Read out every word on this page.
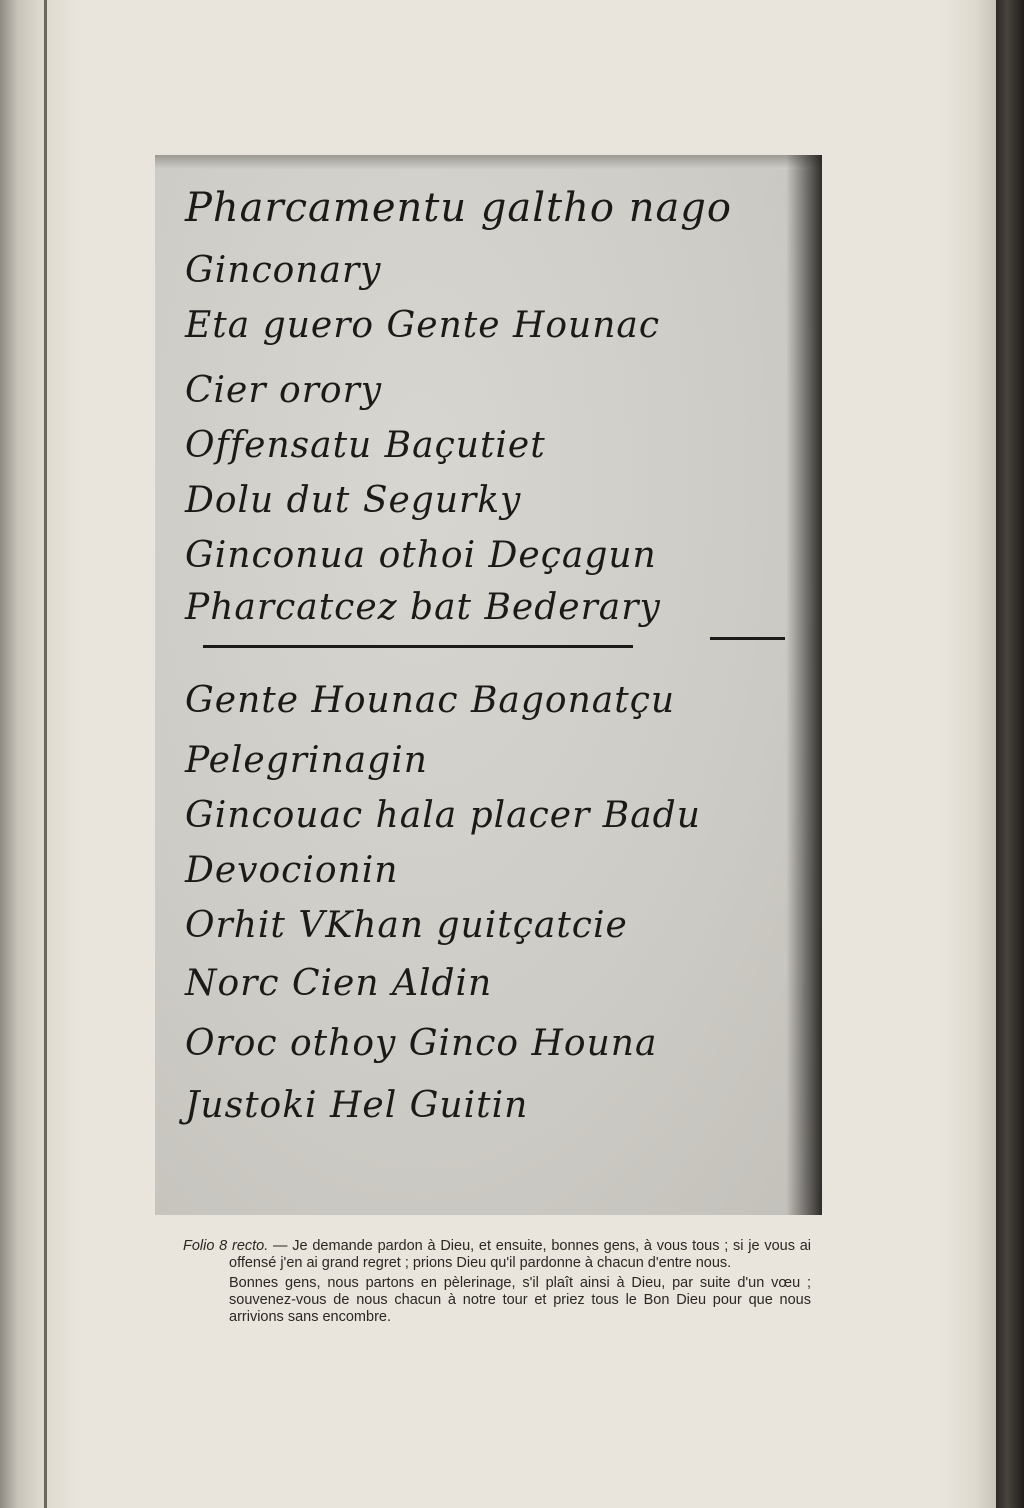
Pharcamentu galtho nago
Ginconary
Eta guero Gente Hounac
Cier orory
Offensatu Baçutiet
Dolu dut Segurky
Ginconua othoi Deçagun
Pharcatcez bat Bederary
Gente Hounac Bagonatçu
Pelegrinagin
Gincouac hala placer Badu
Devocionin
Orhit VKhan guitçatcie
Norc Cien Aldin
Oroc othoy Ginco Houna
Justoki Hel Guitin

Folio 8 recto. — Je demande pardon à Dieu, et ensuite, bonnes gens, à vous tous ; si je vous ai offensé j'en ai grand regret ; prions Dieu qu'il pardonne à chacun d'entre nous.

Bonnes gens, nous partons en pèlerinage, s'il plaît ainsi à Dieu, par suite d'un vœu ; souvenez-vous de nous chacun à notre tour et priez tous le Bon Dieu pour que nous arrivions sans encombre.
